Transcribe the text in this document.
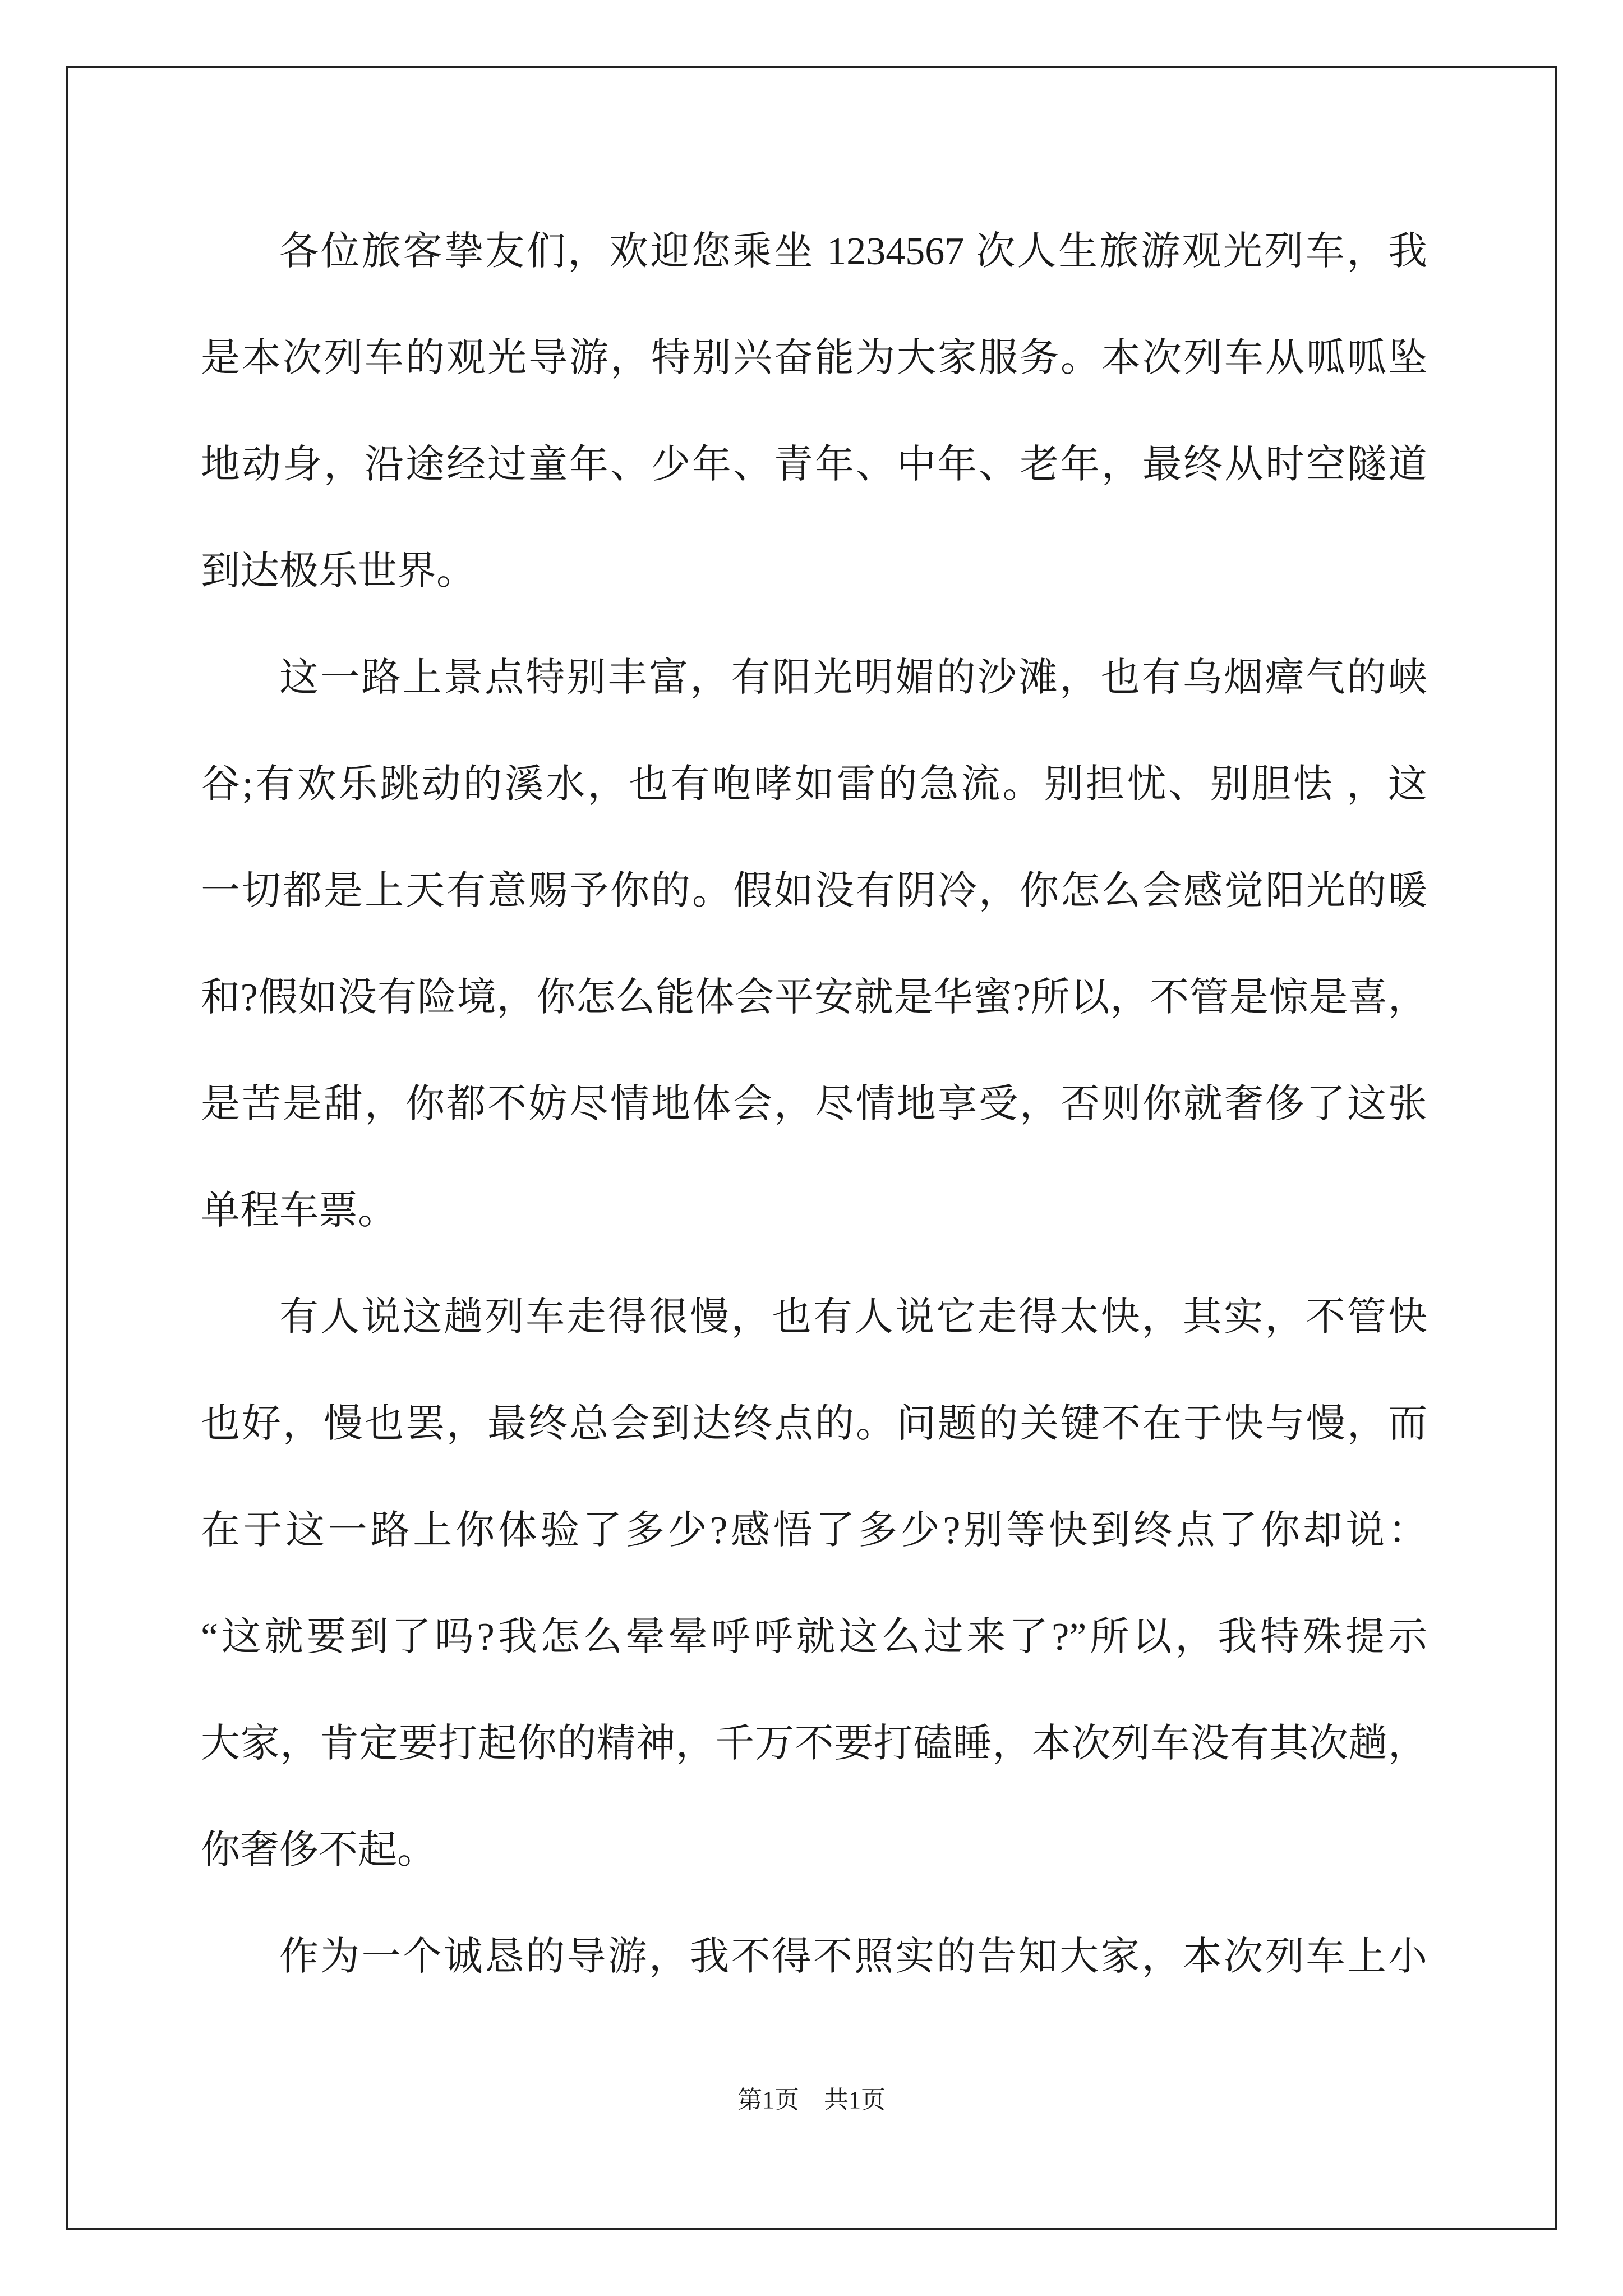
各位旅客挚友们，欢迎您乘坐 1234567 次人生旅游观光列车，我
是本次列车的观光导游，特别兴奋能为大家服务。本次列车从呱呱坠
地动身，沿途经过童年、少年、青年、中年、老年，最终从时空隧道
到达极乐世界。
这一路上景点特别丰富，有阳光明媚的沙滩，也有乌烟瘴气的峡
谷;有欢乐跳动的溪水，也有咆哮如雷的急流。别担忧、别胆怯 ，这
一切都是上天有意赐予你的。假如没有阴冷，你怎么会感觉阳光的暖
和?假如没有险境，你怎么能体会平安就是华蜜?所以，不管是惊是喜，
是苦是甜，你都不妨尽情地体会，尽情地享受，否则你就奢侈了这张
单程车票。
有人说这趟列车走得很慢，也有人说它走得太快，其实，不管快
也好，慢也罢，最终总会到达终点的。问题的关键不在于快与慢，而
在于这一路上你体验了多少?感悟了多少?别等快到终点了你却说：
“这就要到了吗?我怎么晕晕呼呼就这么过来了?”所以，我特殊提示
大家，肯定要打起你的精神，千万不要打磕睡，本次列车没有其次趟，
你奢侈不起。
作为一个诚恳的导游，我不得不照实的告知大家，本次列车上小
第1页　共1页
